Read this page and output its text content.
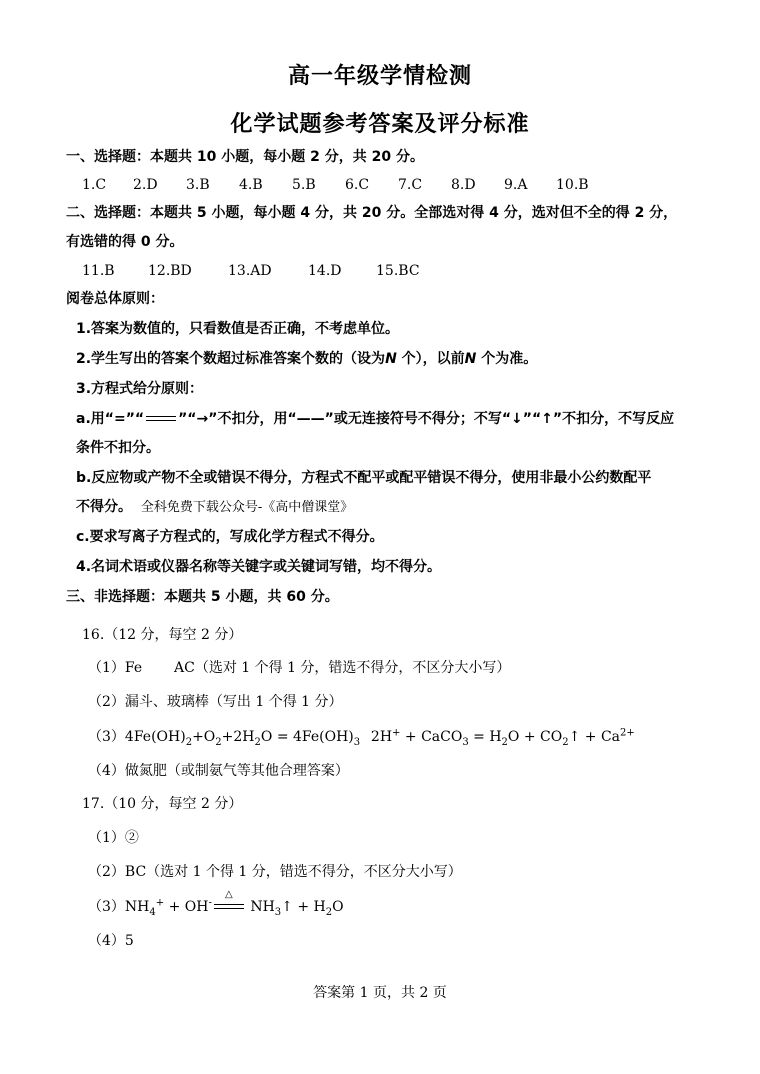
高一年级学情检测
化学试题参考答案及评分标准
一、选择题：本题共 10 小题，每小题 2 分，共 20 分。
1.C	2.D	3.B	4.B	5.B	6.C	7.C	8.D	9.A	10.B
二、选择题：本题共 5 小题，每小题 4 分，共 20 分。全部选对得 4 分，选对但不全的得 2 分，
有选错的得 0 分。
11.B	12.BD	13.AD	14.D	15.BC
阅卷总体原则：
1.答案为数值的，只看数值是否正确，不考虑单位。
2.学生写出的答案个数超过标准答案个数的（设为N 个），以前N 个为准。
3.方程式给分原则：
a.用“=”“ ”“→”不扣分，用“——”或无连接符号不得分；不写“↓”“↑”不扣分，不写反应
条件不扣分。
b.反应物或产物不全或错误不得分，方程式不配平或配平错误不得分，使用非最小公约数配平
不得分。 全科免费下载公众号-《高中僧课堂》
c.要求写离子方程式的，写成化学方程式不得分。
4.名词术语或仪器名称等关键字或关键词写错，均不得分。
三、非选择题：本题共 5 小题，共 60 分。
16.（12 分，每空 2 分）
（1）Fe AC（选对 1 个得 1 分，错选不得分，不区分大小写）
（2）漏斗、玻璃棒（写出 1 个得 1 分）
$(3)4Fe(OH)_2+O_2+2H_2O = 4Fe(OH)_3$ 2H+ + CaCO$_3$ = $H_2O$ + $CO_2↑ + Ca^{2+}$
（4）做氮肥（或制氨气等其他合理答案）
17.（10 分，每空 2 分）
（1）②
（2）BC（选对 1 个得 1 分，错选不得分，不区分大小写）
$(3)NH_4^+ + OH^-$
△
$NH_3↑ + H_2O$
（4）5
答案第 1 页，共 2 页
